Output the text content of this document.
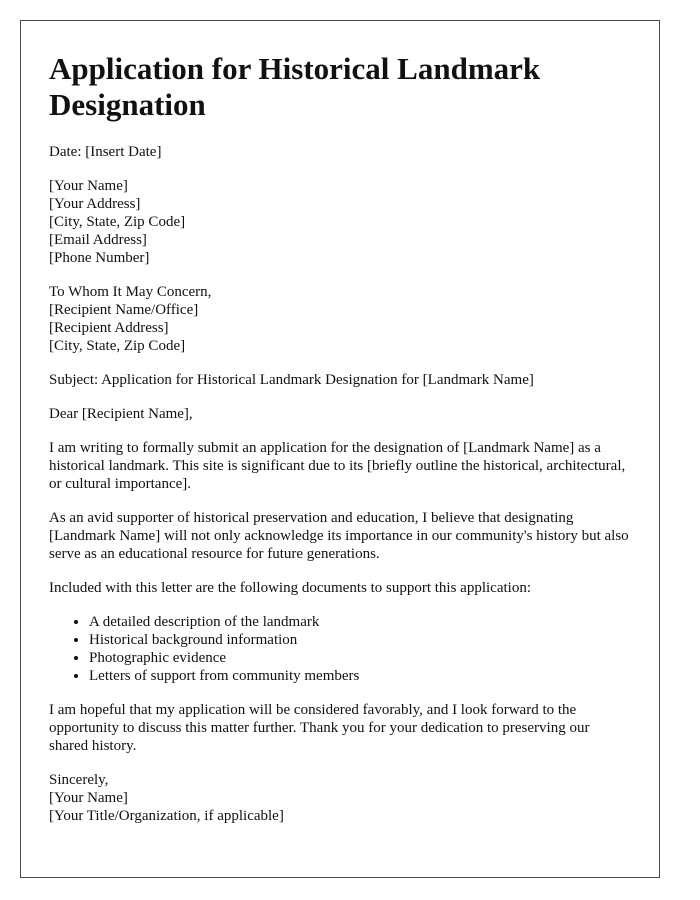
Application for Historical Landmark Designation

Date: [Insert Date]

[Your Name]
[Your Address]
[City, State, Zip Code]
[Email Address]
[Phone Number]

To Whom It May Concern,
[Recipient Name/Office]
[Recipient Address]
[City, State, Zip Code]

Subject: Application for Historical Landmark Designation for [Landmark Name]

Dear [Recipient Name],

I am writing to formally submit an application for the designation of [Landmark Name] as a historical landmark. This site is significant due to its [briefly outline the historical, architectural, or cultural importance].

As an avid supporter of historical preservation and education, I believe that designating [Landmark Name] will not only acknowledge its importance in our community's history but also serve as an educational resource for future generations.

Included with this letter are the following documents to support this application:

• A detailed description of the landmark
• Historical background information
• Photographic evidence
• Letters of support from community members

I am hopeful that my application will be considered favorably, and I look forward to the opportunity to discuss this matter further. Thank you for your dedication to preserving our shared history.

Sincerely,
[Your Name]
[Your Title/Organization, if applicable]
